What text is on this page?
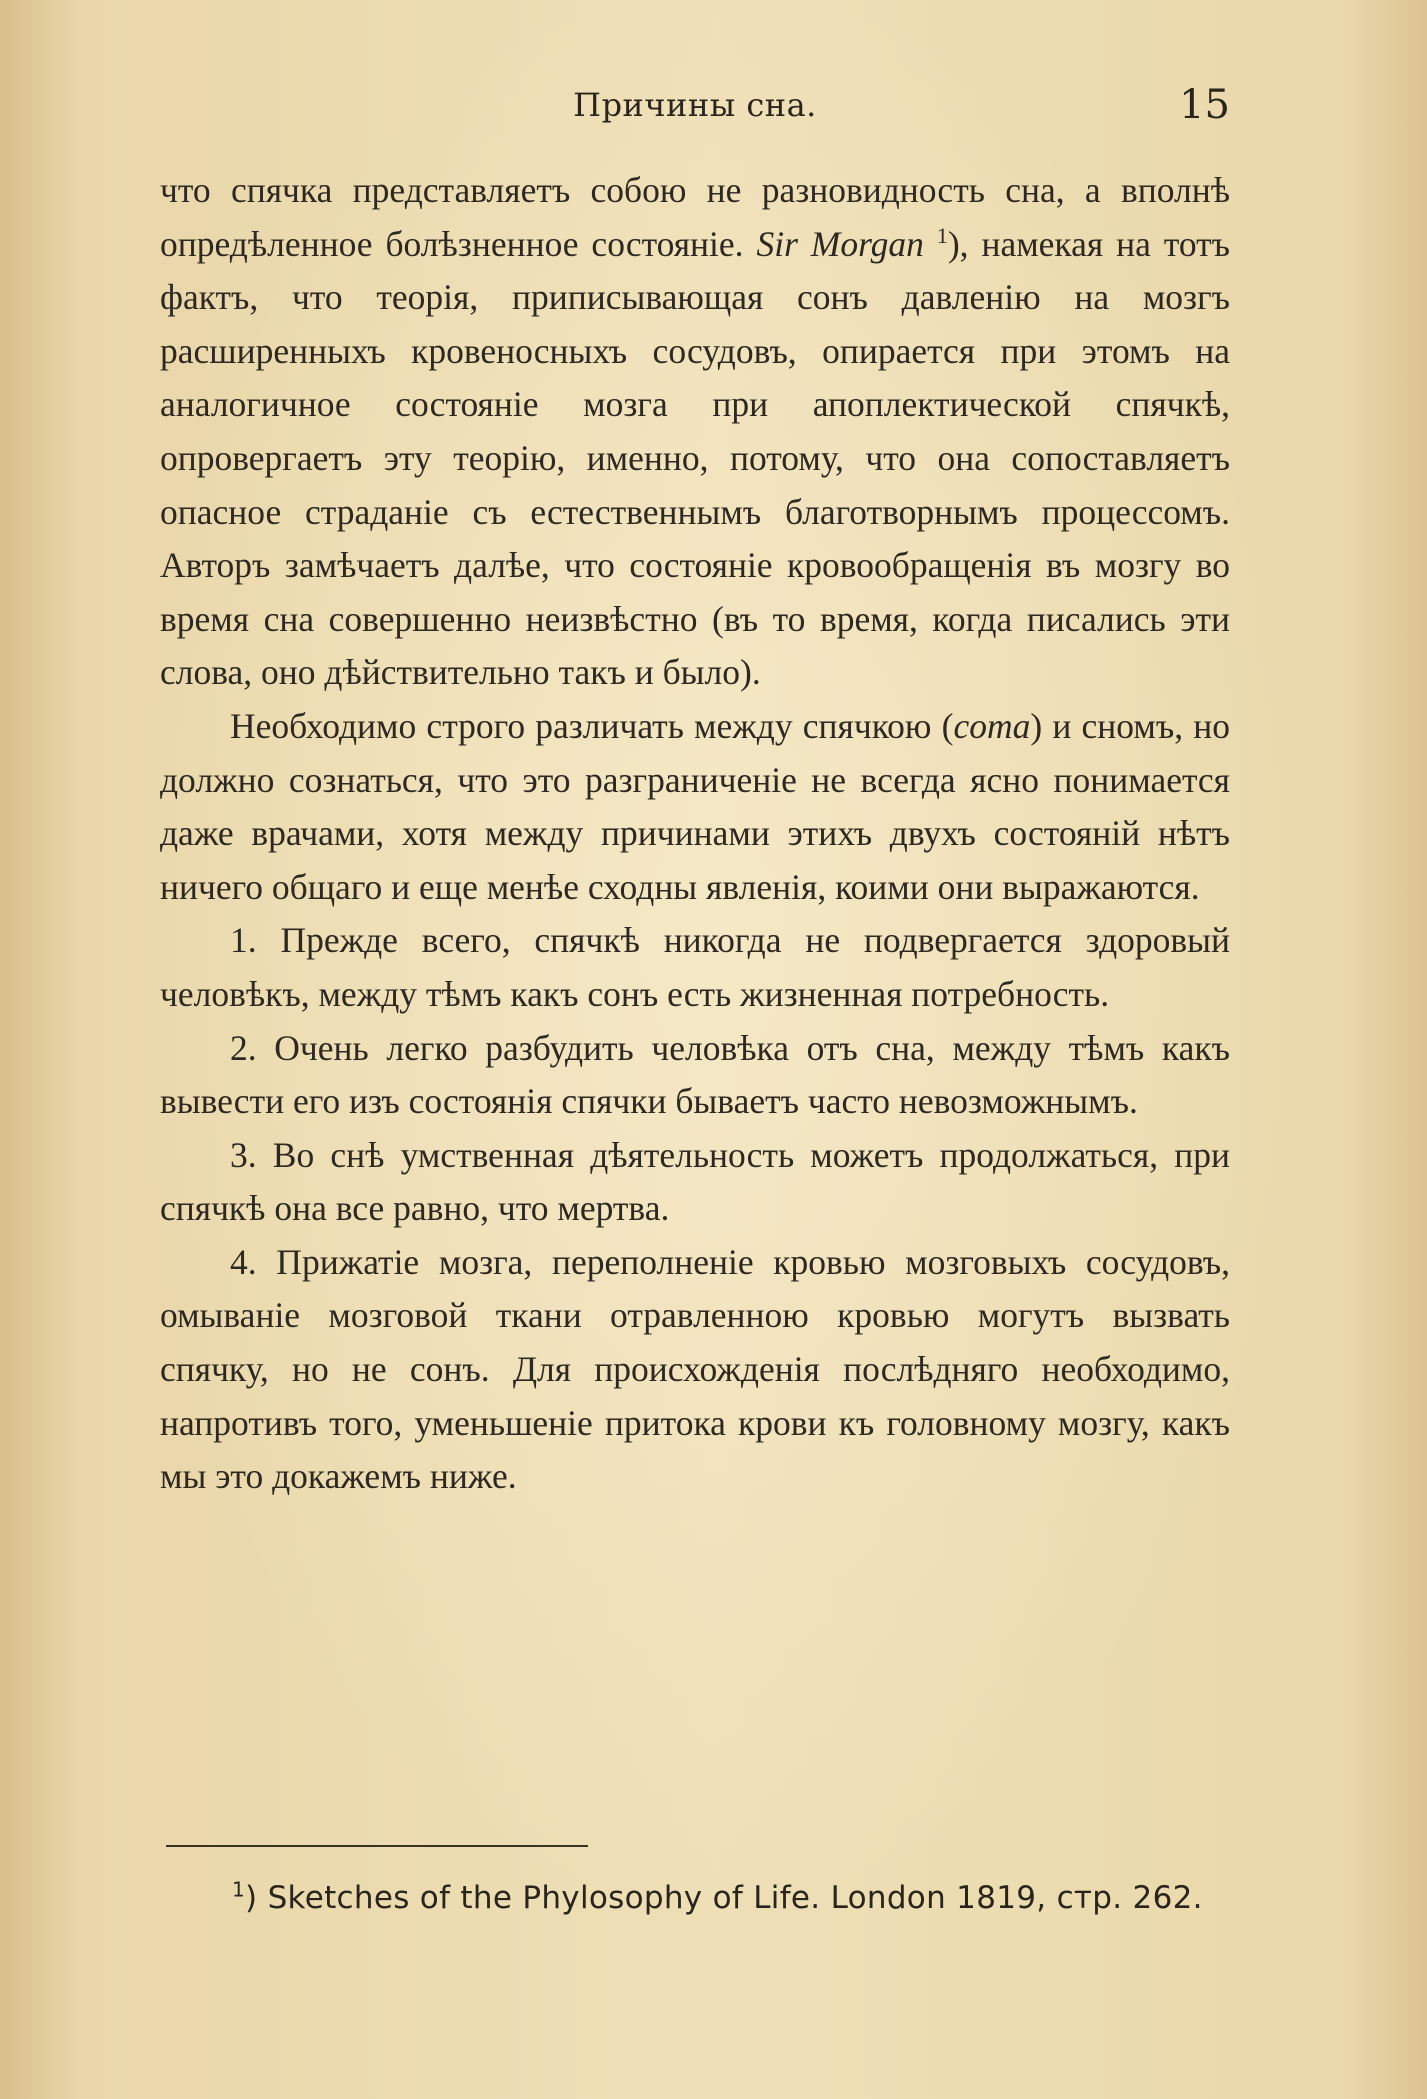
Причины сна.	15

что спячка представляетъ собою не разновидность сна, а вполнѣ опредѣленное болѣзненное состояніе. Sir Morgan $^1$), намекая на тотъ фактъ, что теорія, приписывающая сонъ давленію на мозгъ расширенныхъ кровеносныхъ сосудовъ, опирается при этомъ на аналогичное состояніе мозга при апоплектической спячкѣ, опровергаетъ эту теорію, именно, потому, что она сопоставляетъ опасное страданіе съ естественнымъ благотворнымъ процессомъ. Авторъ замѣчаетъ далѣе, что состояніе кровообращенія въ мозгу во время сна совершенно неизвѣстно (въ то время, когда писались эти слова, оно дѣйствительно такъ и было).

Необходимо строго различать между спячкою (coma) и сномъ, но должно сознаться, что это разграниченіе не всегда ясно понимается даже врачами, хотя между причинами этихъ двухъ состояній нѣтъ ничего общаго и еще менѣе сходны явленія, коими они выражаются.

1. Прежде всего, спячкѣ никогда не подвергается здоровый человѣкъ, между тѣмъ какъ сонъ есть жизненная потребность.

2. Очень легко разбудить человѣка отъ сна, между тѣмъ какъ вывести его изъ состоянія спячки бываетъ часто невозможнымъ.

3. Во снѣ умственная дѣятельность можетъ продолжаться, при спячкѣ она все равно, что мертва.

4. Прижатіе мозга, переполненіе кровью мозговыхъ сосудовъ, омываніе мозговой ткани отравленною кровью могутъ вызвать спячку, но не сонъ. Для происхожденія послѣдняго необходимо, напротивъ того, уменьшеніе притока крови къ головному мозгу, какъ мы это докажемъ ниже.

$^1$) Sketches of the Phylosophy of Life. London 1819, стр. 262.
